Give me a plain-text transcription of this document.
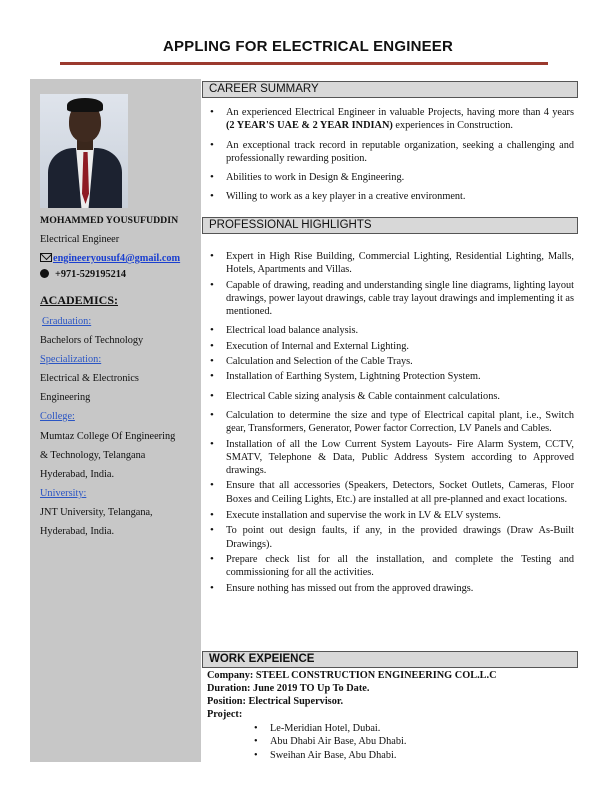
APPLING FOR ELECTRICAL ENGINEER
MOHAMMED YOUSUFUDDIN
Electrical Engineer
engineeryousuf4@gmail.com
+971-529195214
ACADEMICS:
Graduation:
Bachelors of Technology
Specialization:
Electrical & Electronics
Engineering
College:
Mumtaz College Of Engineering
& Technology, Telangana
Hyderabad, India.
University:
JNT University, Telangana,
Hyderabad, India.
CAREER SUMMARY
• An experienced Electrical Engineer in valuable Projects, having more than 4 years (2 YEAR'S UAE & 2 YEAR INDIAN) experiences in Construction.
• An exceptional track record in reputable organization, seeking a challenging and professionally rewarding position.
• Abilities to work in Design & Engineering.
• Willing to work as a key player in a creative environment.
PROFESSIONAL HIGHLIGHTS
• Expert in High Rise Building, Commercial Lighting, Residential Lighting, Malls, Hotels, Apartments and Villas.
• Capable of drawing, reading and understanding single line diagrams, lighting layout drawings, power layout drawings, cable tray layout drawings and implementing it as mentioned.
• Electrical load balance analysis.
• Execution of Internal and External Lighting.
• Calculation and Selection of the Cable Trays.
• Installation of Earthing System, Lightning Protection System.
• Electrical Cable sizing analysis & Cable containment calculations.
• Calculation to determine the size and type of Electrical capital plant, i.e., Switch gear, Transformers, Generator, Power factor Correction, LV Panels and Cables.
• Installation of all the Low Current System Layouts- Fire Alarm System, CCTV, SMATV, Telephone & Data, Public Address System according to Approved drawings.
• Ensure that all accessories (Speakers, Detectors, Socket Outlets, Cameras, Floor Boxes and Ceiling Lights, Etc.) are installed at all pre-planned and exact locations.
• Execute installation and supervise the work in LV & ELV systems.
• To point out design faults, if any, in the provided drawings (Draw As-Built Drawings).
• Prepare check list for all the installation, and complete the Testing and commissioning for all the activities.
• Ensure nothing has missed out from the approved drawings.
WORK EXPEIENCE
Company: STEEL CONSTRUCTION ENGINEERING COL.L.C
Duration: June 2019 TO Up To Date.
Position: Electrical Supervisor.
Project:
• Le-Meridian Hotel, Dubai.
• Abu Dhabi Air Base, Abu Dhabi.
• Sweihan Air Base, Abu Dhabi.
